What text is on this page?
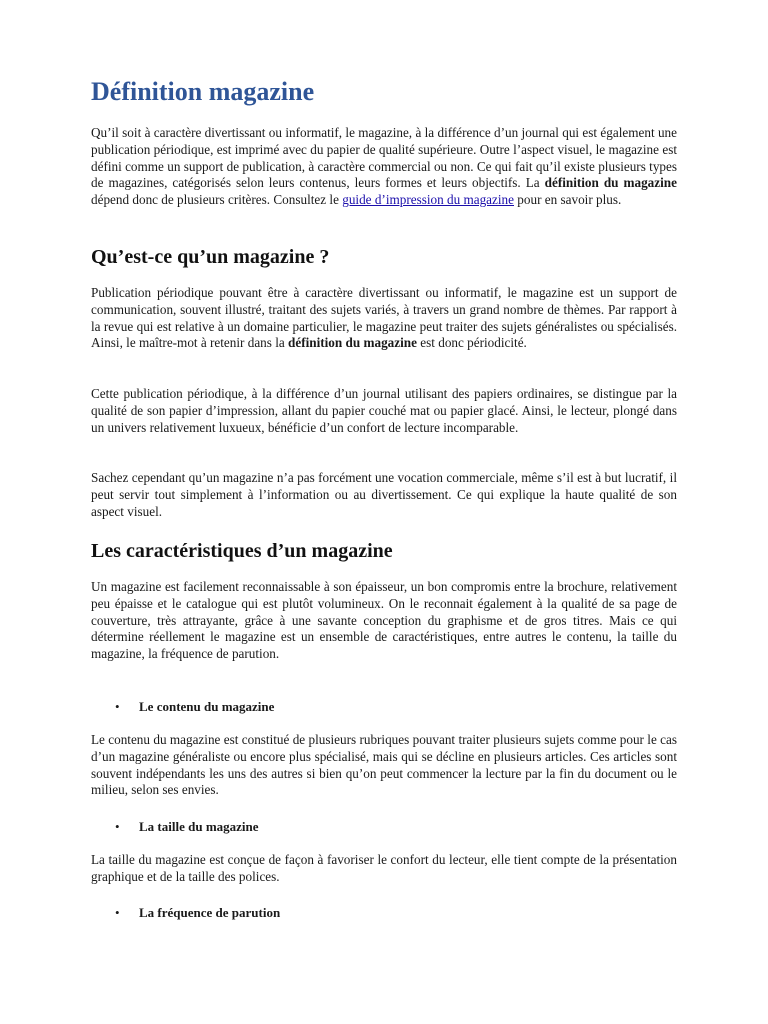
Définition magazine

Qu’il soit à caractère divertissant ou informatif, le magazine, à la différence d’un journal qui est également une publication périodique, est imprimé avec du papier de qualité supérieure. Outre l’aspect visuel, le magazine est défini comme un support de publication, à caractère commercial ou non. Ce qui fait qu’il existe plusieurs types de magazines, catégorisés selon leurs contenus, leurs formes et leurs objectifs. La définition du magazine dépend donc de plusieurs critères. Consultez le guide d’impression du magazine pour en savoir plus.

Qu’est-ce qu’un magazine ?

Publication périodique pouvant être à caractère divertissant ou informatif, le magazine est un support de communication, souvent illustré, traitant des sujets variés, à travers un grand nombre de thèmes. Par rapport à la revue qui est relative à un domaine particulier, le magazine peut traiter des sujets généralistes ou spécialisés. Ainsi, le maître-mot à retenir dans la définition du magazine est donc périodicité.

Cette publication périodique, à la différence d’un journal utilisant des papiers ordinaires, se distingue par la qualité de son papier d’impression, allant du papier couché mat ou papier glacé. Ainsi, le lecteur, plongé dans un univers relativement luxueux, bénéficie d’un confort de lecture incomparable.

Sachez cependant qu’un magazine n’a pas forcément une vocation commerciale, même s’il est à but lucratif, il peut servir tout simplement à l’information ou au divertissement. Ce qui explique la haute qualité de son aspect visuel.

Les caractéristiques d’un magazine

Un magazine est facilement reconnaissable à son épaisseur, un bon compromis entre la brochure, relativement peu épaisse et le catalogue qui est plutôt volumineux. On le reconnait également à la qualité de sa page de couverture, très attrayante, grâce à une savante conception du graphisme et de gros titres. Mais ce qui détermine réellement le magazine est un ensemble de caractéristiques, entre autres le contenu, la taille du magazine, la fréquence de parution.

• Le contenu du magazine

Le contenu du magazine est constitué de plusieurs rubriques pouvant traiter plusieurs sujets comme pour le cas d’un magazine généraliste ou encore plus spécialisé, mais qui se décline en plusieurs articles. Ces articles sont souvent indépendants les uns des autres si bien qu’on peut commencer la lecture par la fin du document ou le milieu, selon ses envies.

• La taille du magazine

La taille du magazine est conçue de façon à favoriser le confort du lecteur, elle tient compte de la présentation graphique et de la taille des polices.

• La fréquence de parution
